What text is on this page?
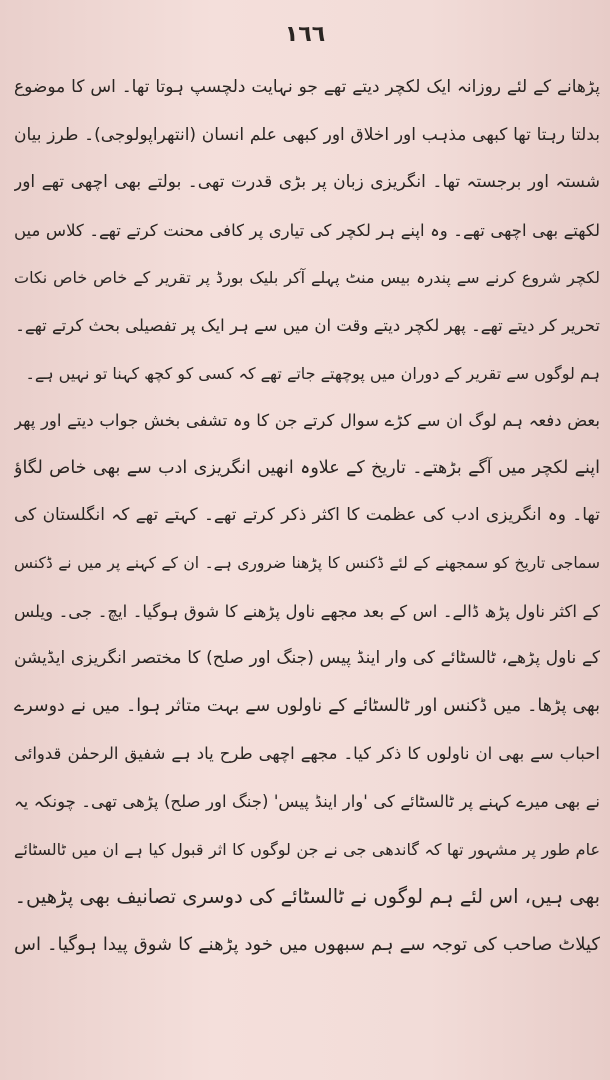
١٦٦
پڑھانے کے لئے روزانہ ایک لکچر دیتے تھے جو نہایت دلچسپ ہوتا تھا۔ اس کا موضوع
بدلتا رہتا تھا کبھی مذہب اور اخلاق اور کبھی علم انسان (انتھراپولوجی)۔ طرز بیان
شستہ اور برجستہ تھا۔ انگریزی زبان پر بڑی قدرت تھی۔ بولتے بھی اچھی تھے اور
لکھتے بھی اچھی تھے۔ وہ اپنے ہر لکچر کی تیاری پر کافی محنت کرتے تھے۔ کلاس میں
لکچر شروع کرنے سے پندرہ بیس منٹ پہلے آکر بلیک بورڈ پر تقریر کے خاص خاص نکات
تحریر کر دیتے تھے۔ پھر لکچر دیتے وقت ان میں سے ہر ایک پر تفصیلی بحث کرتے تھے۔
ہم لوگوں سے تقریر کے دوران میں پوچھتے جاتے تھے کہ کسی کو کچھ کہنا تو نہیں ہے۔
بعض دفعہ ہم لوگ ان سے کڑے سوال کرتے جن کا وہ تشفی بخش جواب دیتے اور پھر
اپنے لکچر میں آگے بڑھتے۔ تاریخ کے علاوہ انھیں انگریزی ادب سے بھی خاص لگاؤ
تھا۔ وہ انگریزی ادب کی عظمت کا اکثر ذکر کرتے تھے۔ کہتے تھے کہ انگلستان کی
سماجی تاریخ کو سمجھنے کے لئے ڈکنس کا پڑھنا ضروری ہے۔ ان کے کہنے پر میں نے ڈکنس
کے اکثر ناول پڑھ ڈالے۔ اس کے بعد مجھے ناول پڑھنے کا شوق ہوگیا۔ ایچ۔ جی۔ ویلس
کے ناول پڑھے، ٹالسٹائے کی وار اینڈ پیس (جنگ اور صلح) کا مختصر انگریزی ایڈیشن
بھی پڑھا۔ میں ڈکنس اور ٹالسٹائے کے ناولوں سے بہت متاثر ہوا۔ میں نے دوسرے
احباب سے بھی ان ناولوں کا ذکر کیا۔ مجھے اچھی طرح یاد ہے شفیق الرحمٰن قدوائی
نے بھی میرے کہنے پر ٹالسٹائے کی 'وار اینڈ پیس' (جنگ اور صلح) پڑھی تھی۔ چونکہ یہ
عام طور پر مشہور تھا کہ گاندھی جی نے جن لوگوں کا اثر قبول کیا ہے ان میں ٹالسٹائے
بھی ہیں، اس لئے ہم لوگوں نے ٹالسٹائے کی دوسری تصانیف بھی پڑھیں۔
کیلاٹ صاحب کی توجہ سے ہم سبھوں میں خود پڑھنے کا شوق پیدا ہوگیا۔ اس
